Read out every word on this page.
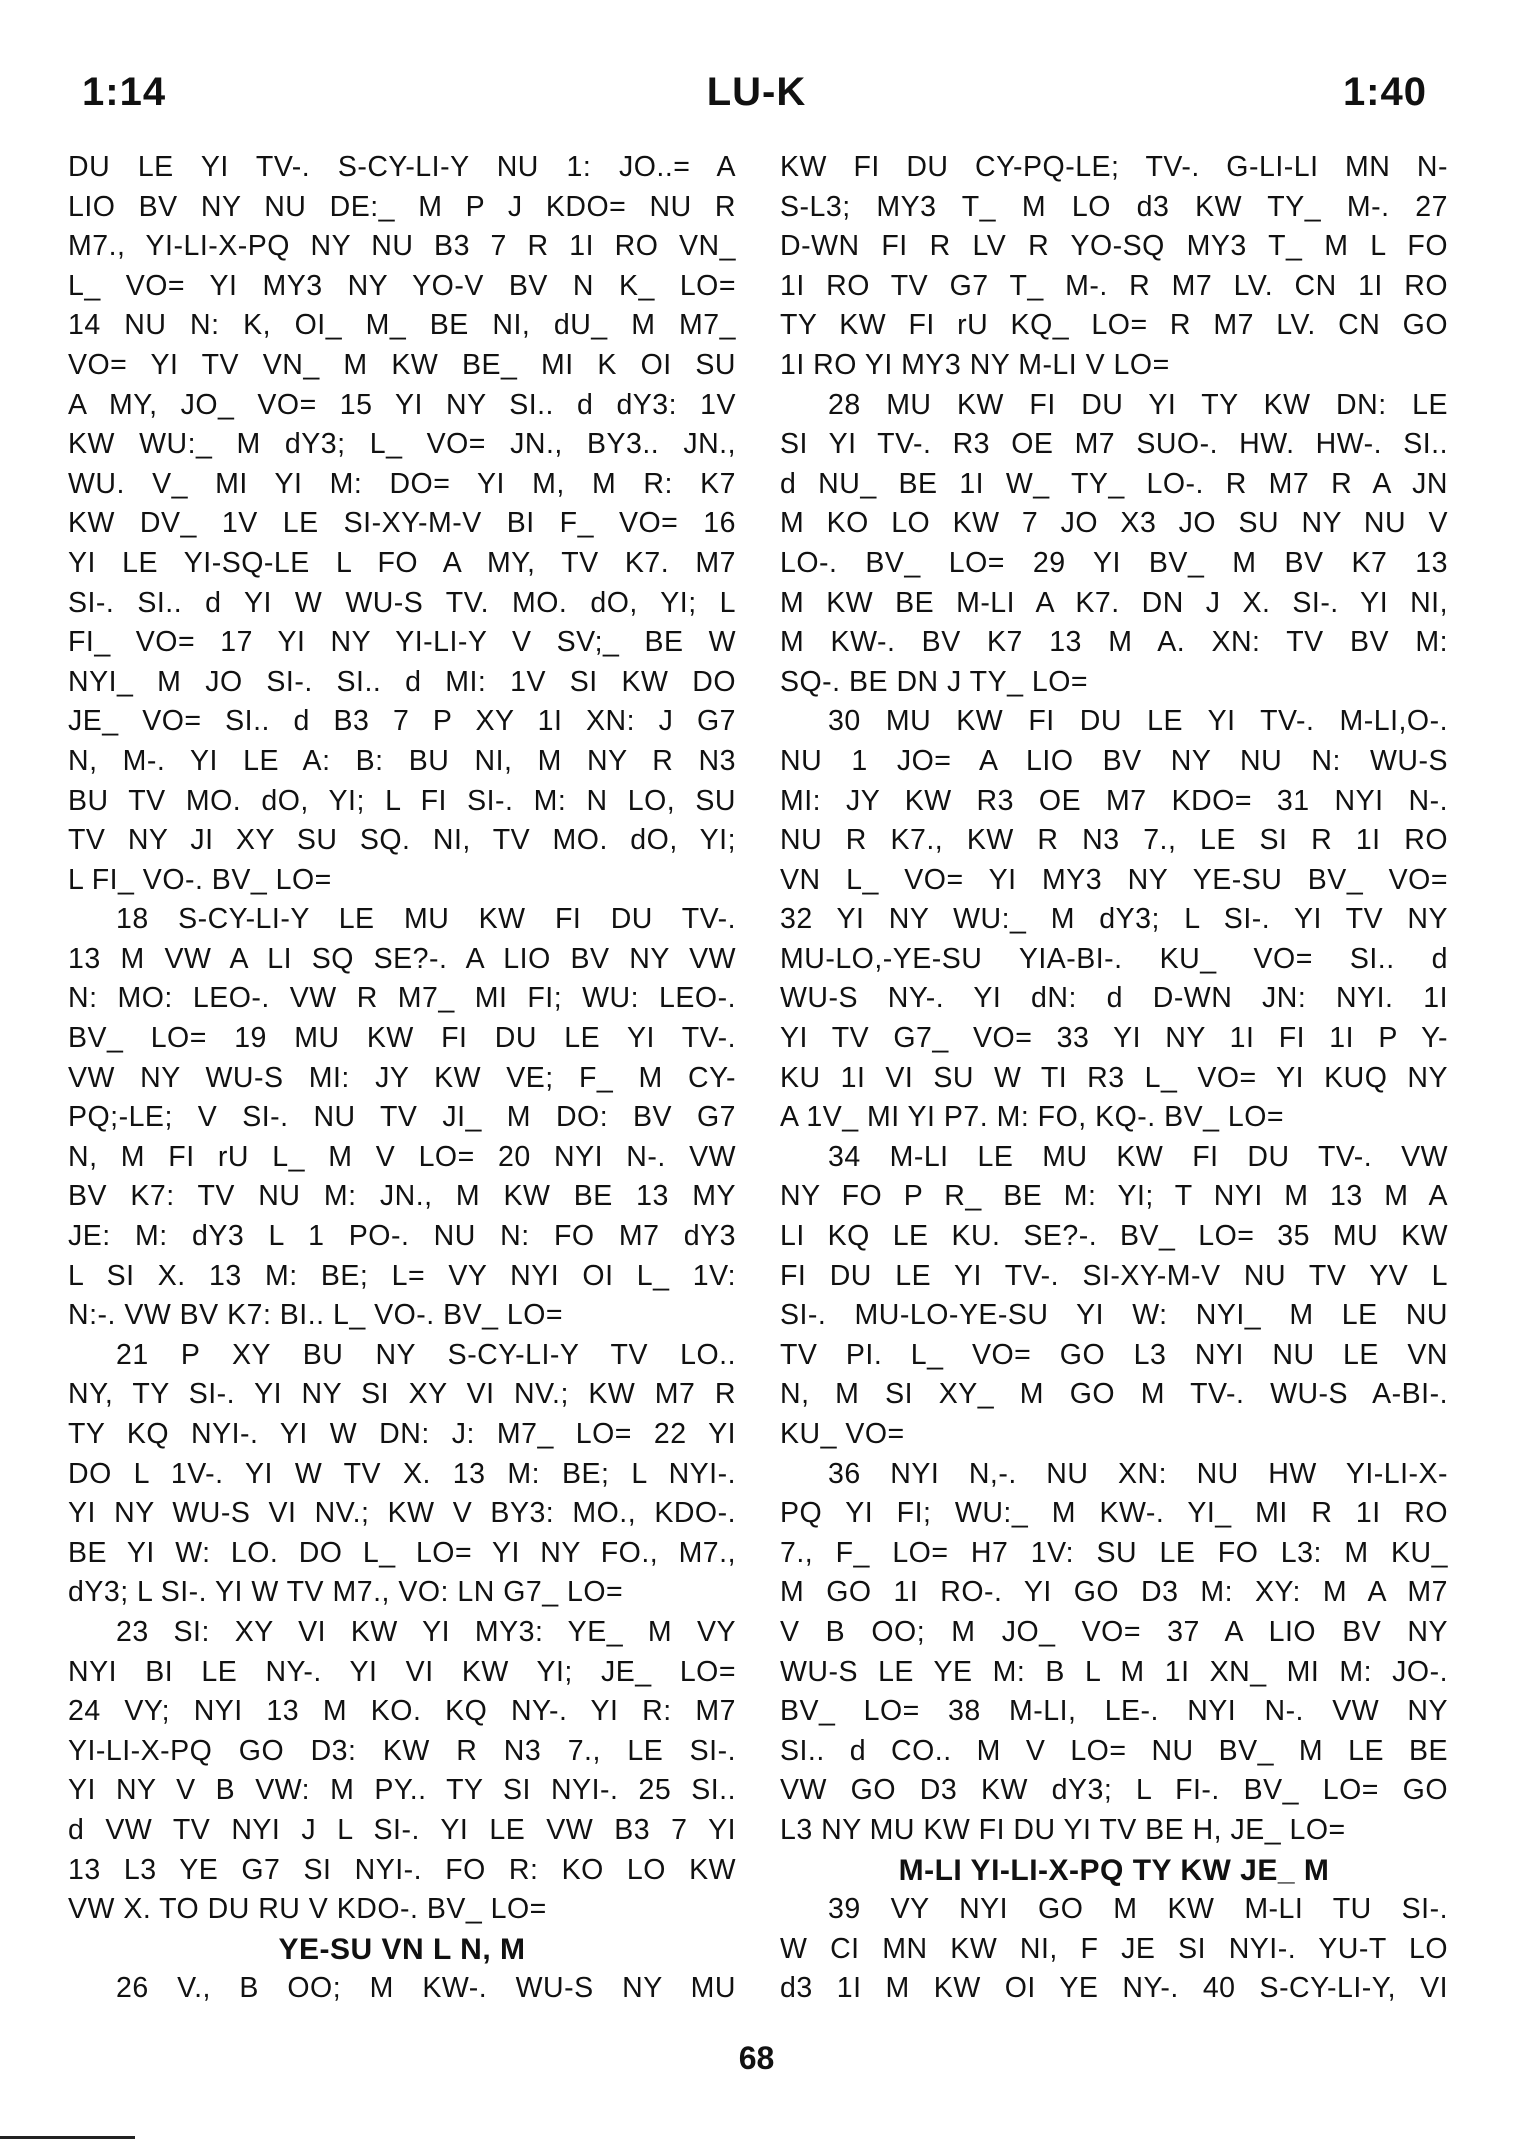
1:14	LU-K	1:40
DU LE YI TV-. S-CY-LI-Y NU 1: JO..= A
LIO BV NY NU DE:_ M P J KDO= NU R
M7., YI-LI-X-PQ NY NU B3 7 R 1I RO VN_
L_ VO= YI MY3 NY YO-V BV N K_ LO=
14 NU N: K, OI_ M_ BE NI, dU_ M M7_
VO= YI TV VN_ M KW BE_ MI K OI SU
A MY, JO_ VO= 15 YI NY SI.. d dY3: 1V
KW WU:_ M dY3; L_ VO= JN., BY3.. JN.,
WU. V_ MI YI M: DO= YI M, M R: K7
KW DV_ 1V LE SI-XY-M-V BI F_ VO= 16
YI LE YI-SQ-LE L FO A MY, TV K7. M7
SI-. SI.. d YI W WU-S TV. MO. dO, YI; L
FI_ VO= 17 YI NY YI-LI-Y V SV;_ BE W
NYI_ M JO SI-. SI.. d MI: 1V SI KW DO
JE_ VO= SI.. d B3 7 P XY 1I XN: J G7
N, M-. YI LE A: B: BU NI, M NY R N3
BU TV MO. dO, YI; L FI SI-. M: N LO, SU
TV NY JI XY SU SQ. NI, TV MO. dO, YI;
L FI_ VO-. BV_ LO=
18 S-CY-LI-Y LE MU KW FI DU TV-.
13 M VW A LI SQ SE?-. A LIO BV NY VW
N: MO: LEO-. VW R M7_ MI FI; WU: LEO-.
BV_ LO= 19 MU KW FI DU LE YI TV-.
VW NY WU-S MI: JY KW VE; F_ M CY-
PQ;-LE; V SI-. NU TV JI_ M DO: BV G7
N, M FI rU L_ M V LO= 20 NYI N-. VW
BV K7: TV NU M: JN., M KW BE 13 MY
JE: M: dY3 L 1 PO-. NU N: FO M7 dY3
L SI X. 13 M: BE; L= VY NYI OI L_ 1V:
N:-. VW BV K7: BI.. L_ VO-. BV_ LO=
21 P XY BU NY S-CY-LI-Y TV LO..
NY, TY SI-. YI NY SI XY VI NV.; KW M7 R
TY KQ NYI-. YI W DN: J: M7_ LO= 22 YI
DO L 1V-. YI W TV X. 13 M: BE; L NYI-.
YI NY WU-S VI NV.; KW V BY3: MO., KDO-.
BE YI W: LO. DO L_ LO= YI NY FO., M7.,
dY3; L SI-. YI W TV M7., VO: LN G7_ LO=
23 SI: XY VI KW YI MY3: YE_ M VY
NYI BI LE NY-. YI VI KW YI; JE_ LO=
24 VY; NYI 13 M KO. KQ NY-. YI R: M7
YI-LI-X-PQ GO D3: KW R N3 7., LE SI-.
YI NY V B VW: M PY.. TY SI NYI-. 25 SI..
d VW TV NYI J L SI-. YI LE VW B3 7 YI
13 L3 YE G7 SI NYI-. FO R: KO LO KW
VW X. TO DU RU V KDO-. BV_ LO=
YE-SU VN L N, M
26 V., B OO; M KW-. WU-S NY MU
KW FI DU CY-PQ-LE; TV-. G-LI-LI MN N-
S-L3; MY3 T_ M LO d3 KW TY_ M-. 27
D-WN FI R LV R YO-SQ MY3 T_ M L FO
1I RO TV G7 T_ M-. R M7 LV. CN 1I RO
TY KW FI rU KQ_ LO= R M7 LV. CN GO
1I RO YI MY3 NY M-LI V LO=
28 MU KW FI DU YI TY KW DN: LE
SI YI TV-. R3 OE M7 SUO-. HW. HW-. SI..
d NU_ BE 1I W_ TY_ LO-. R M7 R A JN
M KO LO KW 7 JO X3 JO SU NY NU V
LO-. BV_ LO= 29 YI BV_ M BV K7 13
M KW BE M-LI A K7. DN J X. SI-. YI NI,
M KW-. BV K7 13 M A. XN: TV BV M:
SQ-. BE DN J TY_ LO=
30 MU KW FI DU LE YI TV-. M-LI,O-.
NU 1 JO= A LIO BV NY NU N: WU-S
MI: JY KW R3 OE M7 KDO= 31 NYI N-.
NU R K7., KW R N3 7., LE SI R 1I RO
VN L_ VO= YI MY3 NY YE-SU BV_ VO=
32 YI NY WU:_ M dY3; L SI-. YI TV NY
MU-LO,-YE-SU YIA-BI-. KU_ VO= SI.. d
WU-S NY-. YI dN: d D-WN JN: NYI. 1I
YI TV G7_ VO= 33 YI NY 1I FI 1I P Y-
KU 1I VI SU W TI R3 L_ VO= YI KUQ NY
A 1V_ MI YI P7. M: FO, KQ-. BV_ LO=
34 M-LI LE MU KW FI DU TV-. VW
NY FO P R_ BE M: YI; T NYI M 13 M A
LI KQ LE KU. SE?-. BV_ LO= 35 MU KW
FI DU LE YI TV-. SI-XY-M-V NU TV YV L
SI-. MU-LO-YE-SU YI W: NYI_ M LE NU
TV PI. L_ VO= GO L3 NYI NU LE VN
N, M SI XY_ M GO M TV-. WU-S A-BI-.
KU_ VO=
36 NYI N,-. NU XN: NU HW YI-LI-X-
PQ YI FI; WU:_ M KW-. YI_ MI R 1I RO
7., F_ LO= H7 1V: SU LE FO L3: M KU_
M GO 1I RO-. YI GO D3 M: XY: M A M7
V B OO; M JO_ VO= 37 A LIO BV NY
WU-S LE YE M: B L M 1I XN_ MI M: JO-.
BV_ LO= 38 M-LI, LE-. NYI N-. VW NY
SI.. d CO.. M V LO= NU BV_ M LE BE
VW GO D3 KW dY3; L FI-. BV_ LO= GO
L3 NY MU KW FI DU YI TV BE H, JE_ LO=
M-LI YI-LI-X-PQ TY KW JE_ M
39 VY NYI GO M KW M-LI TU SI-.
W CI MN KW NI, F JE SI NYI-. YU-T LO
d3 1I M KW OI YE NY-. 40 S-CY-LI-Y, VI
68
